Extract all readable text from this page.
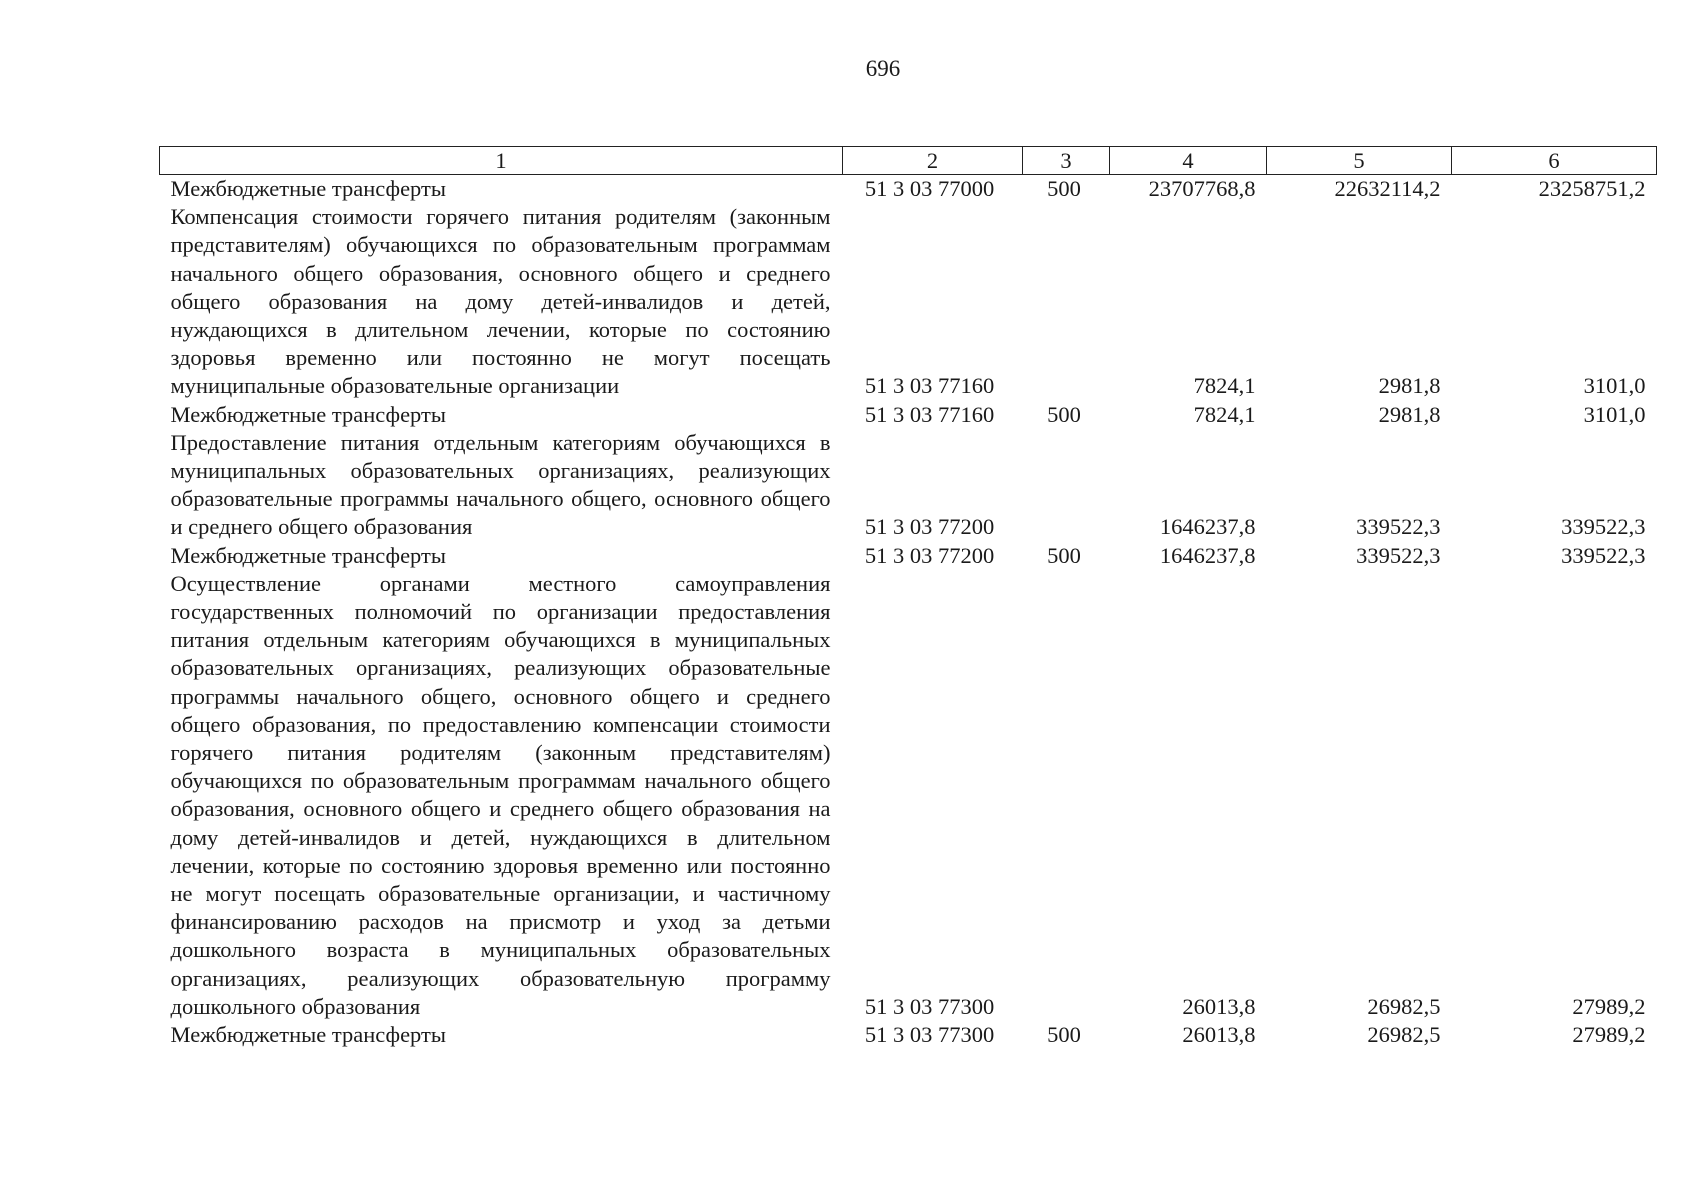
696
1	2	3	4	5	6
Межбюджетные трансферты	51 3 03 77000	500	23707768,8	22632114,2	23258751,2
Компенсация стоимости горячего питания родителям (законным представителям) обучающихся по образовательным программам начального общего образования, основного общего и среднего общего образования на дому детей-инвалидов и детей, нуждающихся в длительном лечении, которые по состоянию здоровья временно или постоянно не могут посещать муниципальные образовательные организации	51 3 03 77160		7824,1	2981,8	3101,0
Межбюджетные трансферты	51 3 03 77160	500	7824,1	2981,8	3101,0
Предоставление питания отдельным категориям обучающихся в муниципальных образовательных организациях, реализующих образовательные программы начального общего, основного общего и среднего общего образования	51 3 03 77200		1646237,8	339522,3	339522,3
Межбюджетные трансферты	51 3 03 77200	500	1646237,8	339522,3	339522,3
Осуществление органами местного самоуправления государственных полномочий по организации предоставления питания отдельным категориям обучающихся в муниципальных образовательных организациях, реализующих образовательные программы начального общего, основного общего и среднего общего образования, по предоставлению компенсации стоимости горячего питания родителям (законным представителям) обучающихся по образовательным программам начального общего образования, основного общего и среднего общего образования на дому детей-инвалидов и детей, нуждающихся в длительном лечении, которые по состоянию здоровья временно или постоянно не могут посещать образовательные организации, и частичному финансированию расходов на присмотр и уход за детьми дошкольного возраста в муниципальных образовательных организациях, реализующих образовательную программу дошкольного образования	51 3 03 77300		26013,8	26982,5	27989,2
Межбюджетные трансферты	51 3 03 77300	500	26013,8	26982,5	27989,2
